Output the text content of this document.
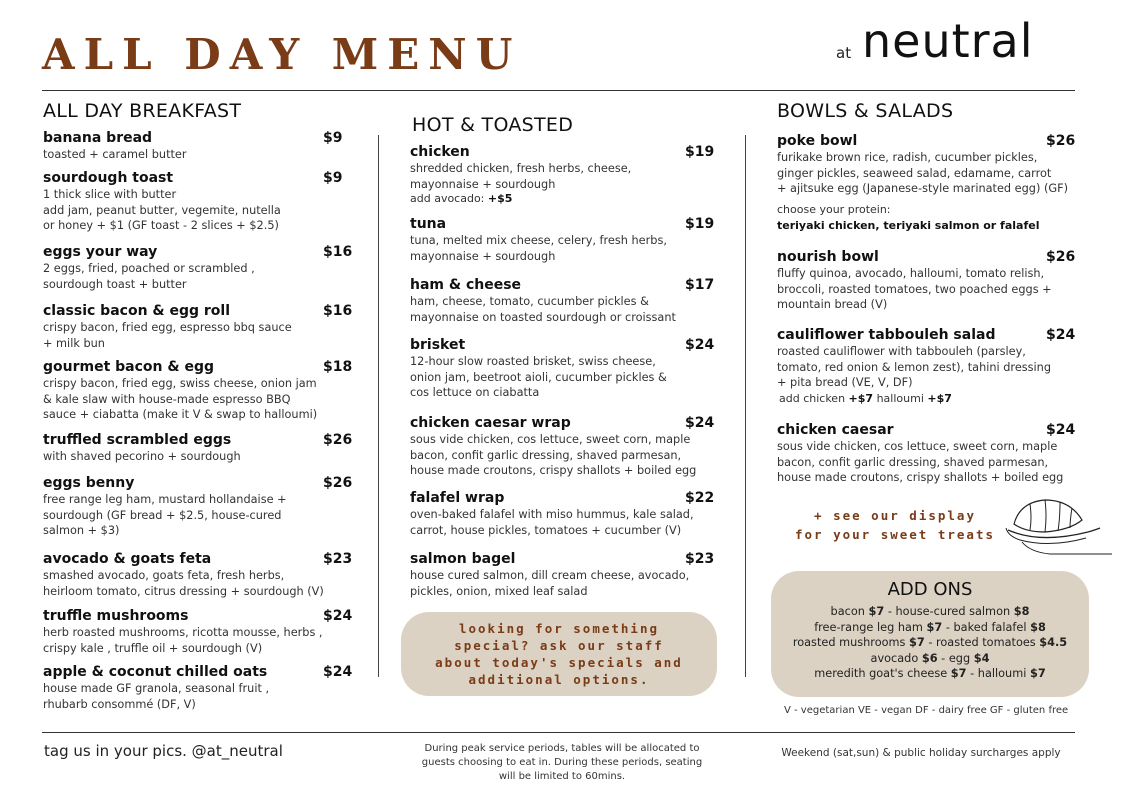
ALL DAY MENU	at neutral
ALL DAY BREAKFAST
banana bread	$9
toasted + caramel butter
sourdough toast	$9
1 thick slice with butter
add jam, peanut butter, vegemite, nutella
or honey + $1 (GF toast - 2 slices + $2.5)
eggs your way	$16
2 eggs, fried, poached or scrambled ,
sourdough toast + butter
classic bacon & egg roll	$16
crispy bacon, fried egg, espresso bbq sauce
+ milk bun
gourmet bacon & egg	$18
crispy bacon, fried egg, swiss cheese, onion jam
& kale slaw with house-made espresso BBQ
sauce + ciabatta (make it V & swap to halloumi)
truffled scrambled eggs	$26
with shaved pecorino + sourdough
eggs benny	$26
free range leg ham, mustard hollandaise +
sourdough (GF bread + $2.5, house-cured
salmon + $3)
avocado & goats feta	$23
smashed avocado, goats feta, fresh herbs,
heirloom tomato, citrus dressing + sourdough (V)
truffle mushrooms	$24
herb roasted mushrooms, ricotta mousse, herbs ,
crispy kale , truffle oil + sourdough (V)
apple & coconut chilled oats	$24
house made GF granola, seasonal fruit ,
rhubarb consommé (DF, V)
HOT & TOASTED
chicken	$19
shredded chicken, fresh herbs, cheese,
mayonnaise + sourdough
tuna	$19
tuna, melted mix cheese, celery, fresh herbs,
mayonnaise + sourdough
ham & cheese	$17
ham, cheese, tomato, cucumber pickles &
mayonnaise on toasted sourdough or croissant
brisket	$24
12-hour slow roasted brisket, swiss cheese,
onion jam, beetroot aioli, cucumber pickles &
cos lettuce on ciabatta
chicken caesar wrap	$24
sous vide chicken, cos lettuce, sweet corn, maple
bacon, confit garlic dressing, shaved parmesan,
house made croutons, crispy shallots + boiled egg
falafel wrap	$22
oven-baked falafel with miso hummus, kale salad,
carrot, house pickles, tomatoes + cucumber (V)
salmon bagel	$23
house cured salmon, dill cream cheese, avocado,
pickles, onion, mixed leaf salad
add avocado: +$5
looking for something
special? ask our staff
about today's specials and
additional options.
BOWLS & SALADS
poke bowl	$26
furikake brown rice, radish, cucumber pickles,
ginger pickles, seaweed salad, edamame, carrot
+ ajitsuke egg (Japanese-style marinated egg) (GF)
nourish bowl	$26
fluffy quinoa, avocado, halloumi, tomato relish,
broccoli, roasted tomatoes, two poached eggs +
mountain bread (V)
cauliflower tabbouleh salad	$24
roasted cauliflower with tabbouleh (parsley,
tomato, red onion & lemon zest), tahini dressing
+ pita bread (VE, V, DF)
chicken caesar	$24
sous vide chicken, cos lettuce, sweet corn, maple
bacon, confit garlic dressing, shaved parmesan,
house made croutons, crispy shallots + boiled egg
choose your protein:
teriyaki chicken, teriyaki salmon or falafel
add chicken +$7 halloumi +$7
+ see our display
for your sweet treats
ADD ONS
bacon $7 - house-cured salmon $8
free-range leg ham $7 - baked falafel $8
roasted mushrooms $7 - roasted tomatoes $4.5
avocado $6 - egg $4
meredith goat's cheese $7 - halloumi $7
V - vegetarian VE - vegan DF - dairy free GF - gluten free
tag us in your pics. @at_neutral	During peak service periods, tables will be allocated to
guests choosing to eat in. During these periods, seating
will be limited to 60mins.
Weekend (sat,sun) & public holiday surcharges apply
